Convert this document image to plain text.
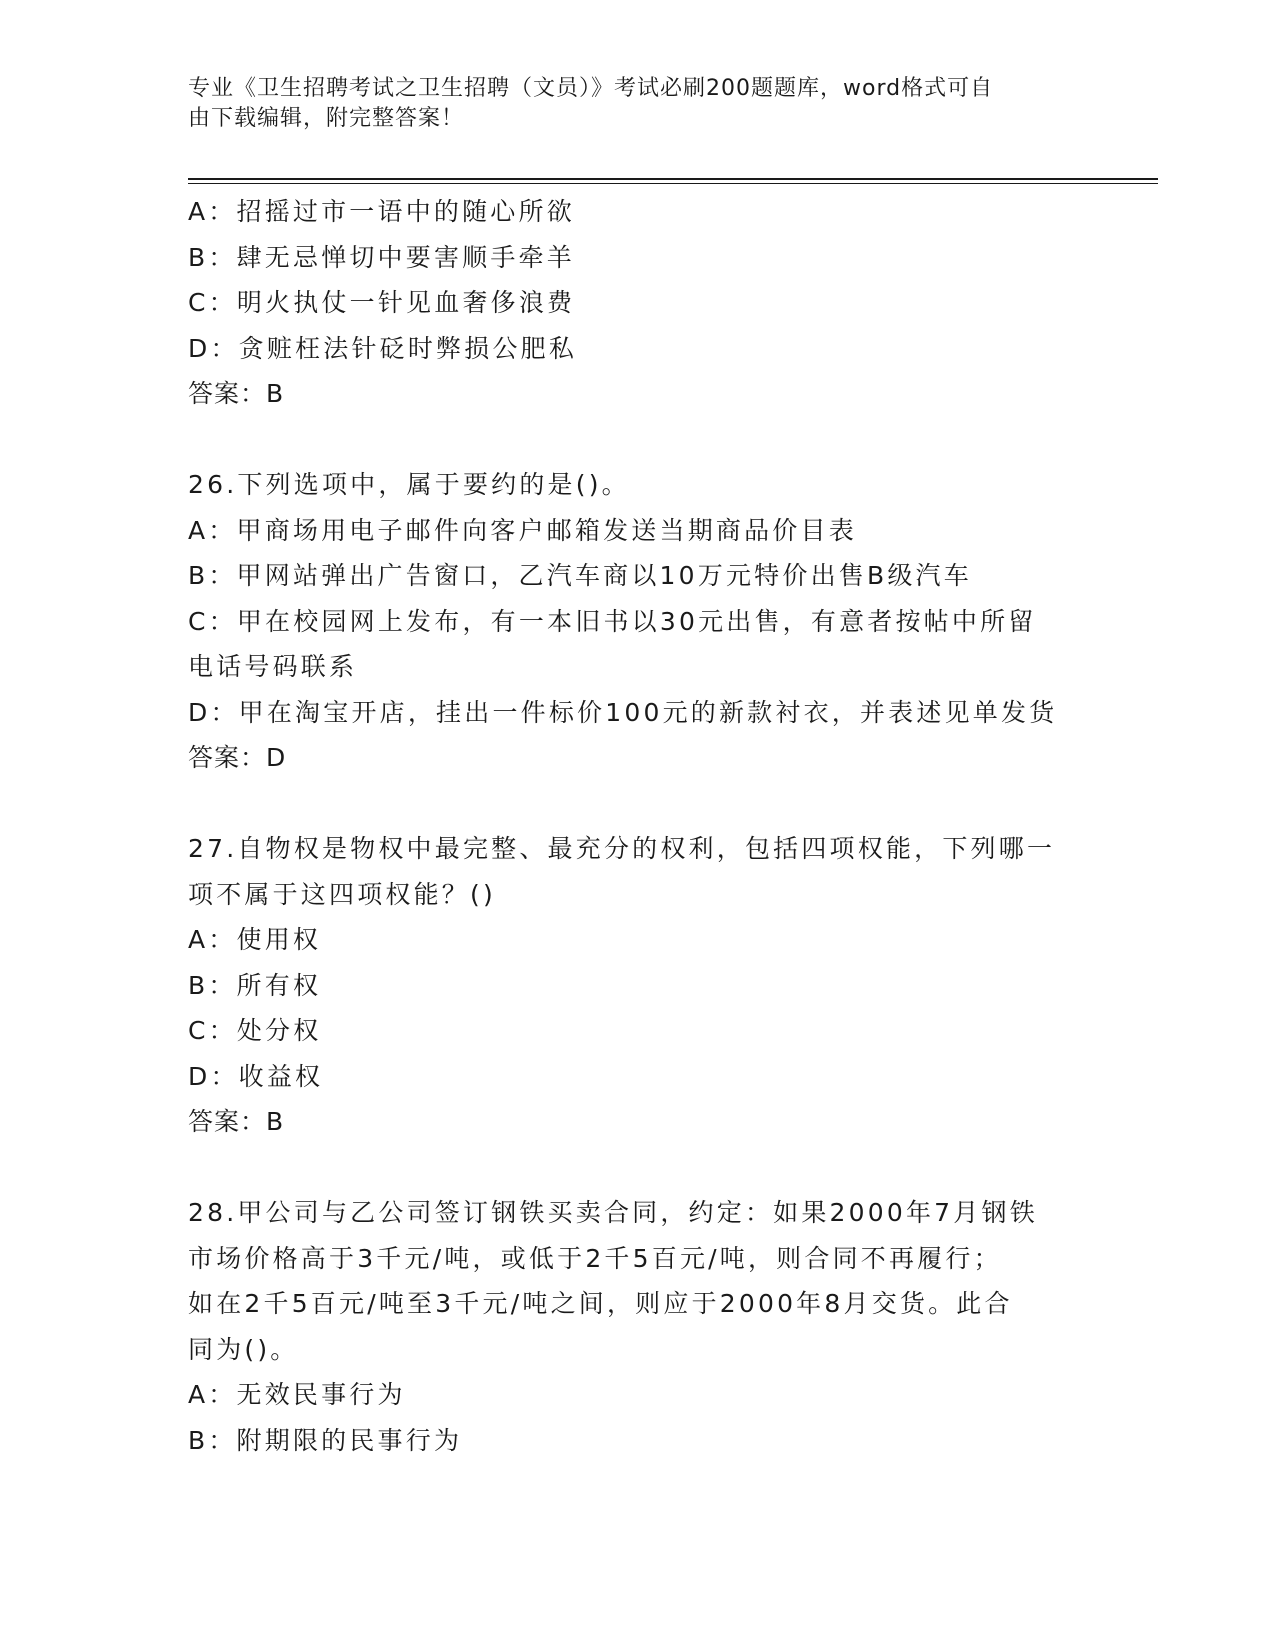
专业《卫生招聘考试之卫生招聘（文员）》考试必刷200题题库，word格式可自
由下载编辑，附完整答案！
A：招摇过市一语中的随心所欲
B：肆无忌惮切中要害顺手牵羊
C：明火执仗一针见血奢侈浪费
D：贪赃枉法针砭时弊损公肥私
答案：B
26.下列选项中，属于要约的是()。
A：甲商场用电子邮件向客户邮箱发送当期商品价目表
B：甲网站弹出广告窗口，乙汽车商以10万元特价出售B级汽车
C：甲在校园网上发布，有一本旧书以30元出售，有意者按帖中所留
电话号码联系
D：甲在淘宝开店，挂出一件标价100元的新款衬衣，并表述见单发货
答案：D
27.自物权是物权中最完整、最充分的权利，包括四项权能，下列哪一
项不属于这四项权能？()
A：使用权
B：所有权
C：处分权
D：收益权
答案：B
28.甲公司与乙公司签订钢铁买卖合同，约定：如果2000年7月钢铁
市场价格高于3千元/吨，或低于2千5百元/吨，则合同不再履行；
如在2千5百元/吨至3千元/吨之间，则应于2000年8月交货。此合
同为()。
A：无效民事行为
B：附期限的民事行为
